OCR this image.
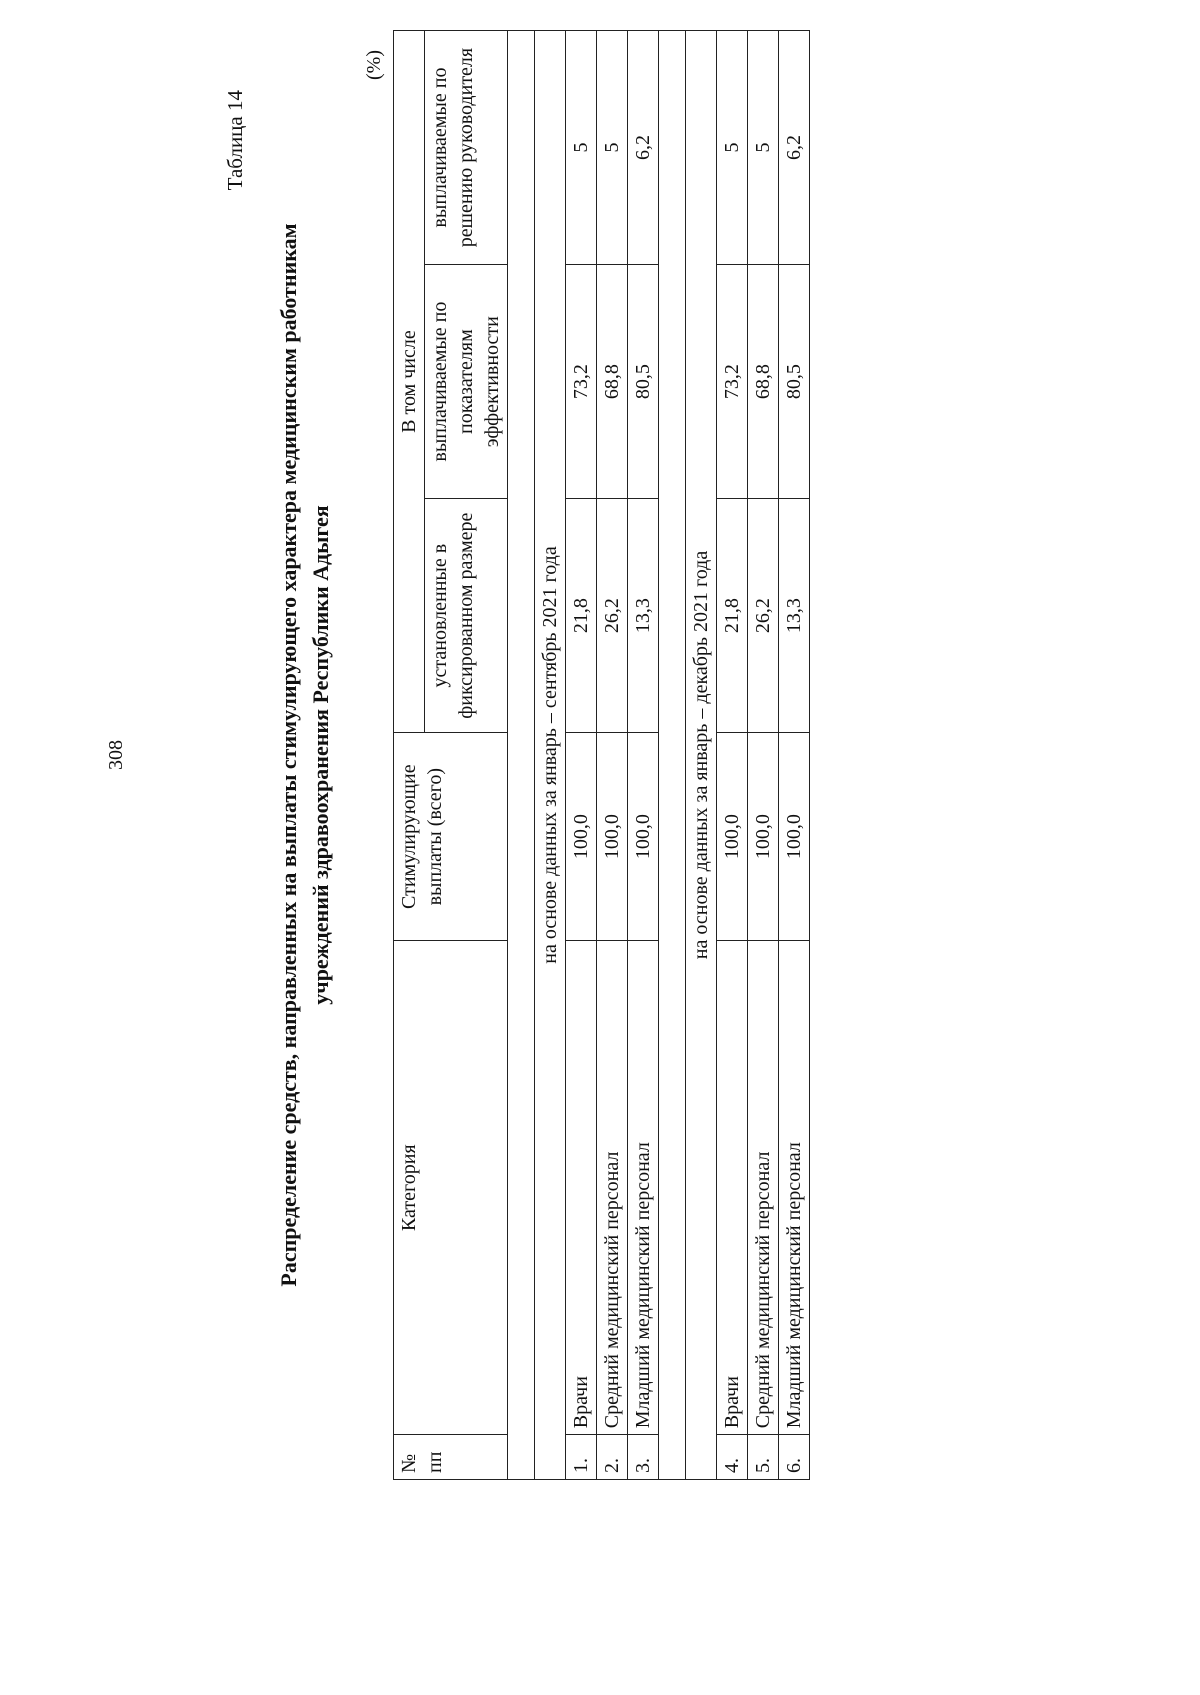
308
Таблица 14
Распределение средств, направленных на выплаты стимулирующего характера медицинским работникам учреждений здравоохранения Республики Адыгея
(%)
№ пп	Категория	Стимулирующие выплаты (всего)	В том числе		
			установленные в фиксированном размере	выплачиваемые по показателям эффективности	выплачиваемые по решению руководителя

на основе данных за январь – сентябрь 2021 года					
1.	Врачи	100,0	21,8	73,2	5
2.	Средний медицинский персонал	100,0	26,2	68,8	5
3.	Младший медицинский персонал	100,0	13,3	80,5	6,2

на основе данных за январь – декабрь 2021 года					
4.	Врачи	100,0	21,8	73,2	5
5.	Средний медицинский персонал	100,0	26,2	68,8	5
6.	Младший медицинский персонал	100,0	13,3	80,5	6,2
